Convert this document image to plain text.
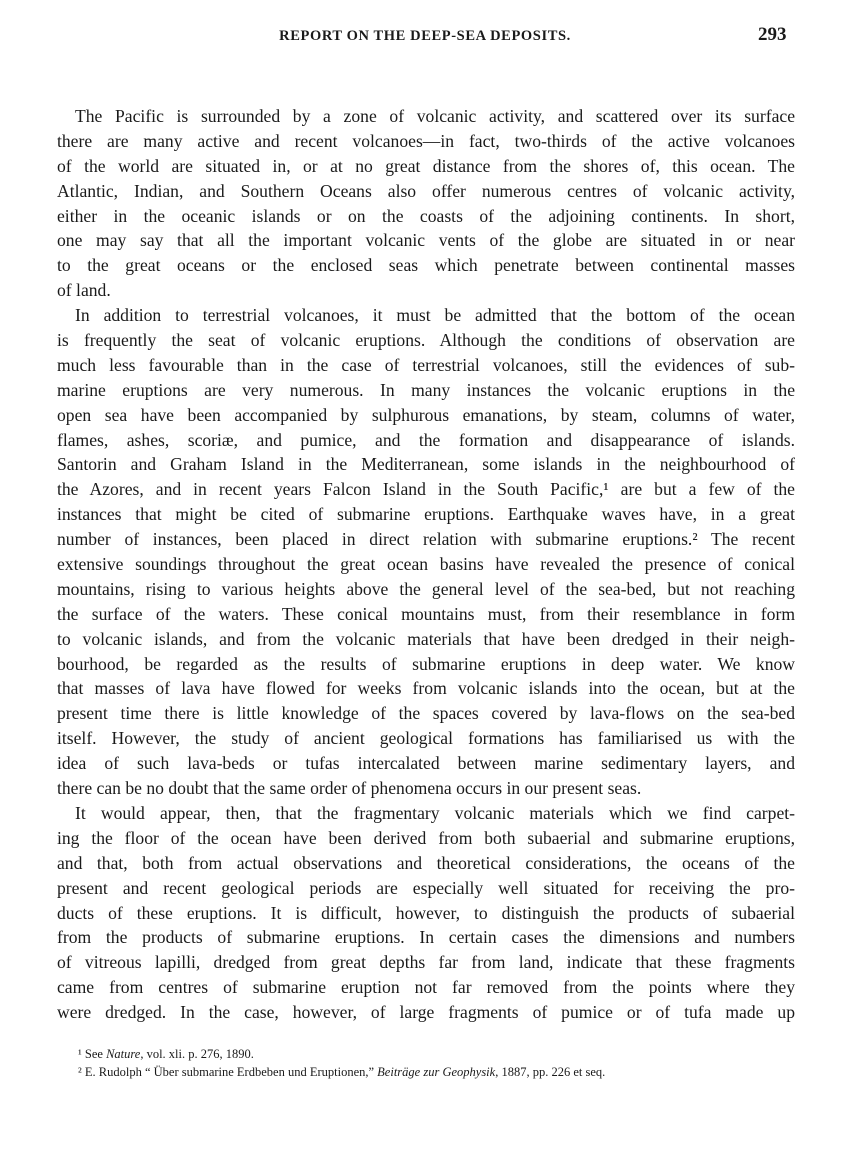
REPORT ON THE DEEP-SEA DEPOSITS.	293
The Pacific is surrounded by a zone of volcanic activity, and scattered over its surface
there are many active and recent volcanoes—in fact, two-thirds of the active volcanoes
of the world are situated in, or at no great distance from the shores of, this ocean. The
Atlantic, Indian, and Southern Oceans also offer numerous centres of volcanic activity,
either in the oceanic islands or on the coasts of the adjoining continents. In short,
one may say that all the important volcanic vents of the globe are situated in or near
to the great oceans or the enclosed seas which penetrate between continental masses
of land.
In addition to terrestrial volcanoes, it must be admitted that the bottom of the ocean
is frequently the seat of volcanic eruptions. Although the conditions of observation are
much less favourable than in the case of terrestrial volcanoes, still the evidences of sub-
marine eruptions are very numerous. In many instances the volcanic eruptions in the
open sea have been accompanied by sulphurous emanations, by steam, columns of water,
flames, ashes, scoriæ, and pumice, and the formation and disappearance of islands.
Santorin and Graham Island in the Mediterranean, some islands in the neighbourhood of
the Azores, and in recent years Falcon Island in the South Pacific,¹ are but a few of the
instances that might be cited of submarine eruptions. Earthquake waves have, in a great
number of instances, been placed in direct relation with submarine eruptions.² The recent
extensive soundings throughout the great ocean basins have revealed the presence of conical
mountains, rising to various heights above the general level of the sea-bed, but not reaching
the surface of the waters. These conical mountains must, from their resemblance in form
to volcanic islands, and from the volcanic materials that have been dredged in their neigh-
bourhood, be regarded as the results of submarine eruptions in deep water. We know
that masses of lava have flowed for weeks from volcanic islands into the ocean, but at the
present time there is little knowledge of the spaces covered by lava-flows on the sea-bed
itself. However, the study of ancient geological formations has familiarised us with the
idea of such lava-beds or tufas intercalated between marine sedimentary layers, and
there can be no doubt that the same order of phenomena occurs in our present seas.
It would appear, then, that the fragmentary volcanic materials which we find carpet-
ing the floor of the ocean have been derived from both subaerial and submarine eruptions,
and that, both from actual observations and theoretical considerations, the oceans of the
present and recent geological periods are especially well situated for receiving the pro-
ducts of these eruptions. It is difficult, however, to distinguish the products of subaerial
from the products of submarine eruptions. In certain cases the dimensions and numbers
of vitreous lapilli, dredged from great depths far from land, indicate that these fragments
came from centres of submarine eruption not far removed from the points where they
were dredged. In the case, however, of large fragments of pumice or of tufa made up
¹ See Nature, vol. xli. p. 276, 1890.
² E. Rudolph “ Über submarine Erdbeben und Eruptionen,” Beiträge zur Geophysik, 1887, pp. 226 et seq.
